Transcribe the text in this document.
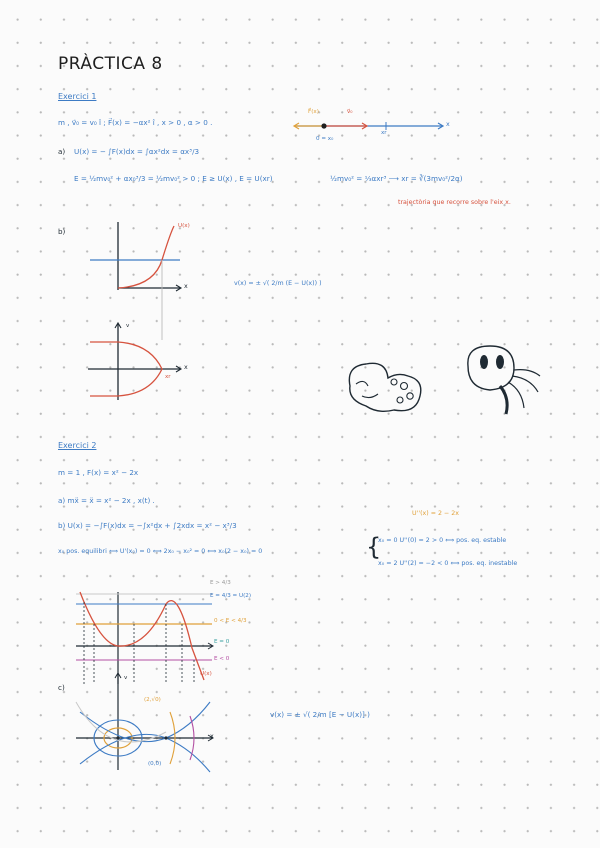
PRÀCTICA 8
Exercici 1
m , v⃗₀ = v₀ î ; F⃗(x) = −αx² î , x > 0 , α > 0 .
F⃗(x)	v⃗₀
x
xr
0 = x₀
a) U(x) = − ∫F(x)dx = ∫αx²dx = αx³/3
E = ½mv₀² + αx₀³/3 = ½mv₀² > 0 ; E ≥ U(x) , E = U(xr)	½mv₀² = ⅓αxr³ ⟶ xr = ∛(3mv₀²/2α)
trajectòria que recorre sobre l'eix x.
b)
U(x)
x
v
x
xr
v(x) = ± √( 2/m (E − U(x)) )
Exercici 2
m = 1 , F(x) = x² − 2x
a) mẍ = ẍ = x² − 2x , x(t) .
b) U(x) = −∫F(x)dx = −∫x²dx + ∫2xdx = x² − x³/3
U''(x) = 2 − 2x
x₀ pos. equilibri ⟺ U'(x₀) = 0 ⟺ 2x₀ − x₀² = 0 ⟺ x₀(2 − x₀) = 0	{
x₀ = 0 U''(0) = 2 > 0 ⟺ pos. eq. estable
x₀ = 2 U''(2) = −2 < 0 ⟺ pos. eq. inestable
E > 4/3
E = 4/3 = U(2)
0 < E < 4/3
E = 0
E < 0
U(x)
c)
v
x
(2,√0)
(0,0)
v(x) = ± √( 2/m [E − U(x)] )
